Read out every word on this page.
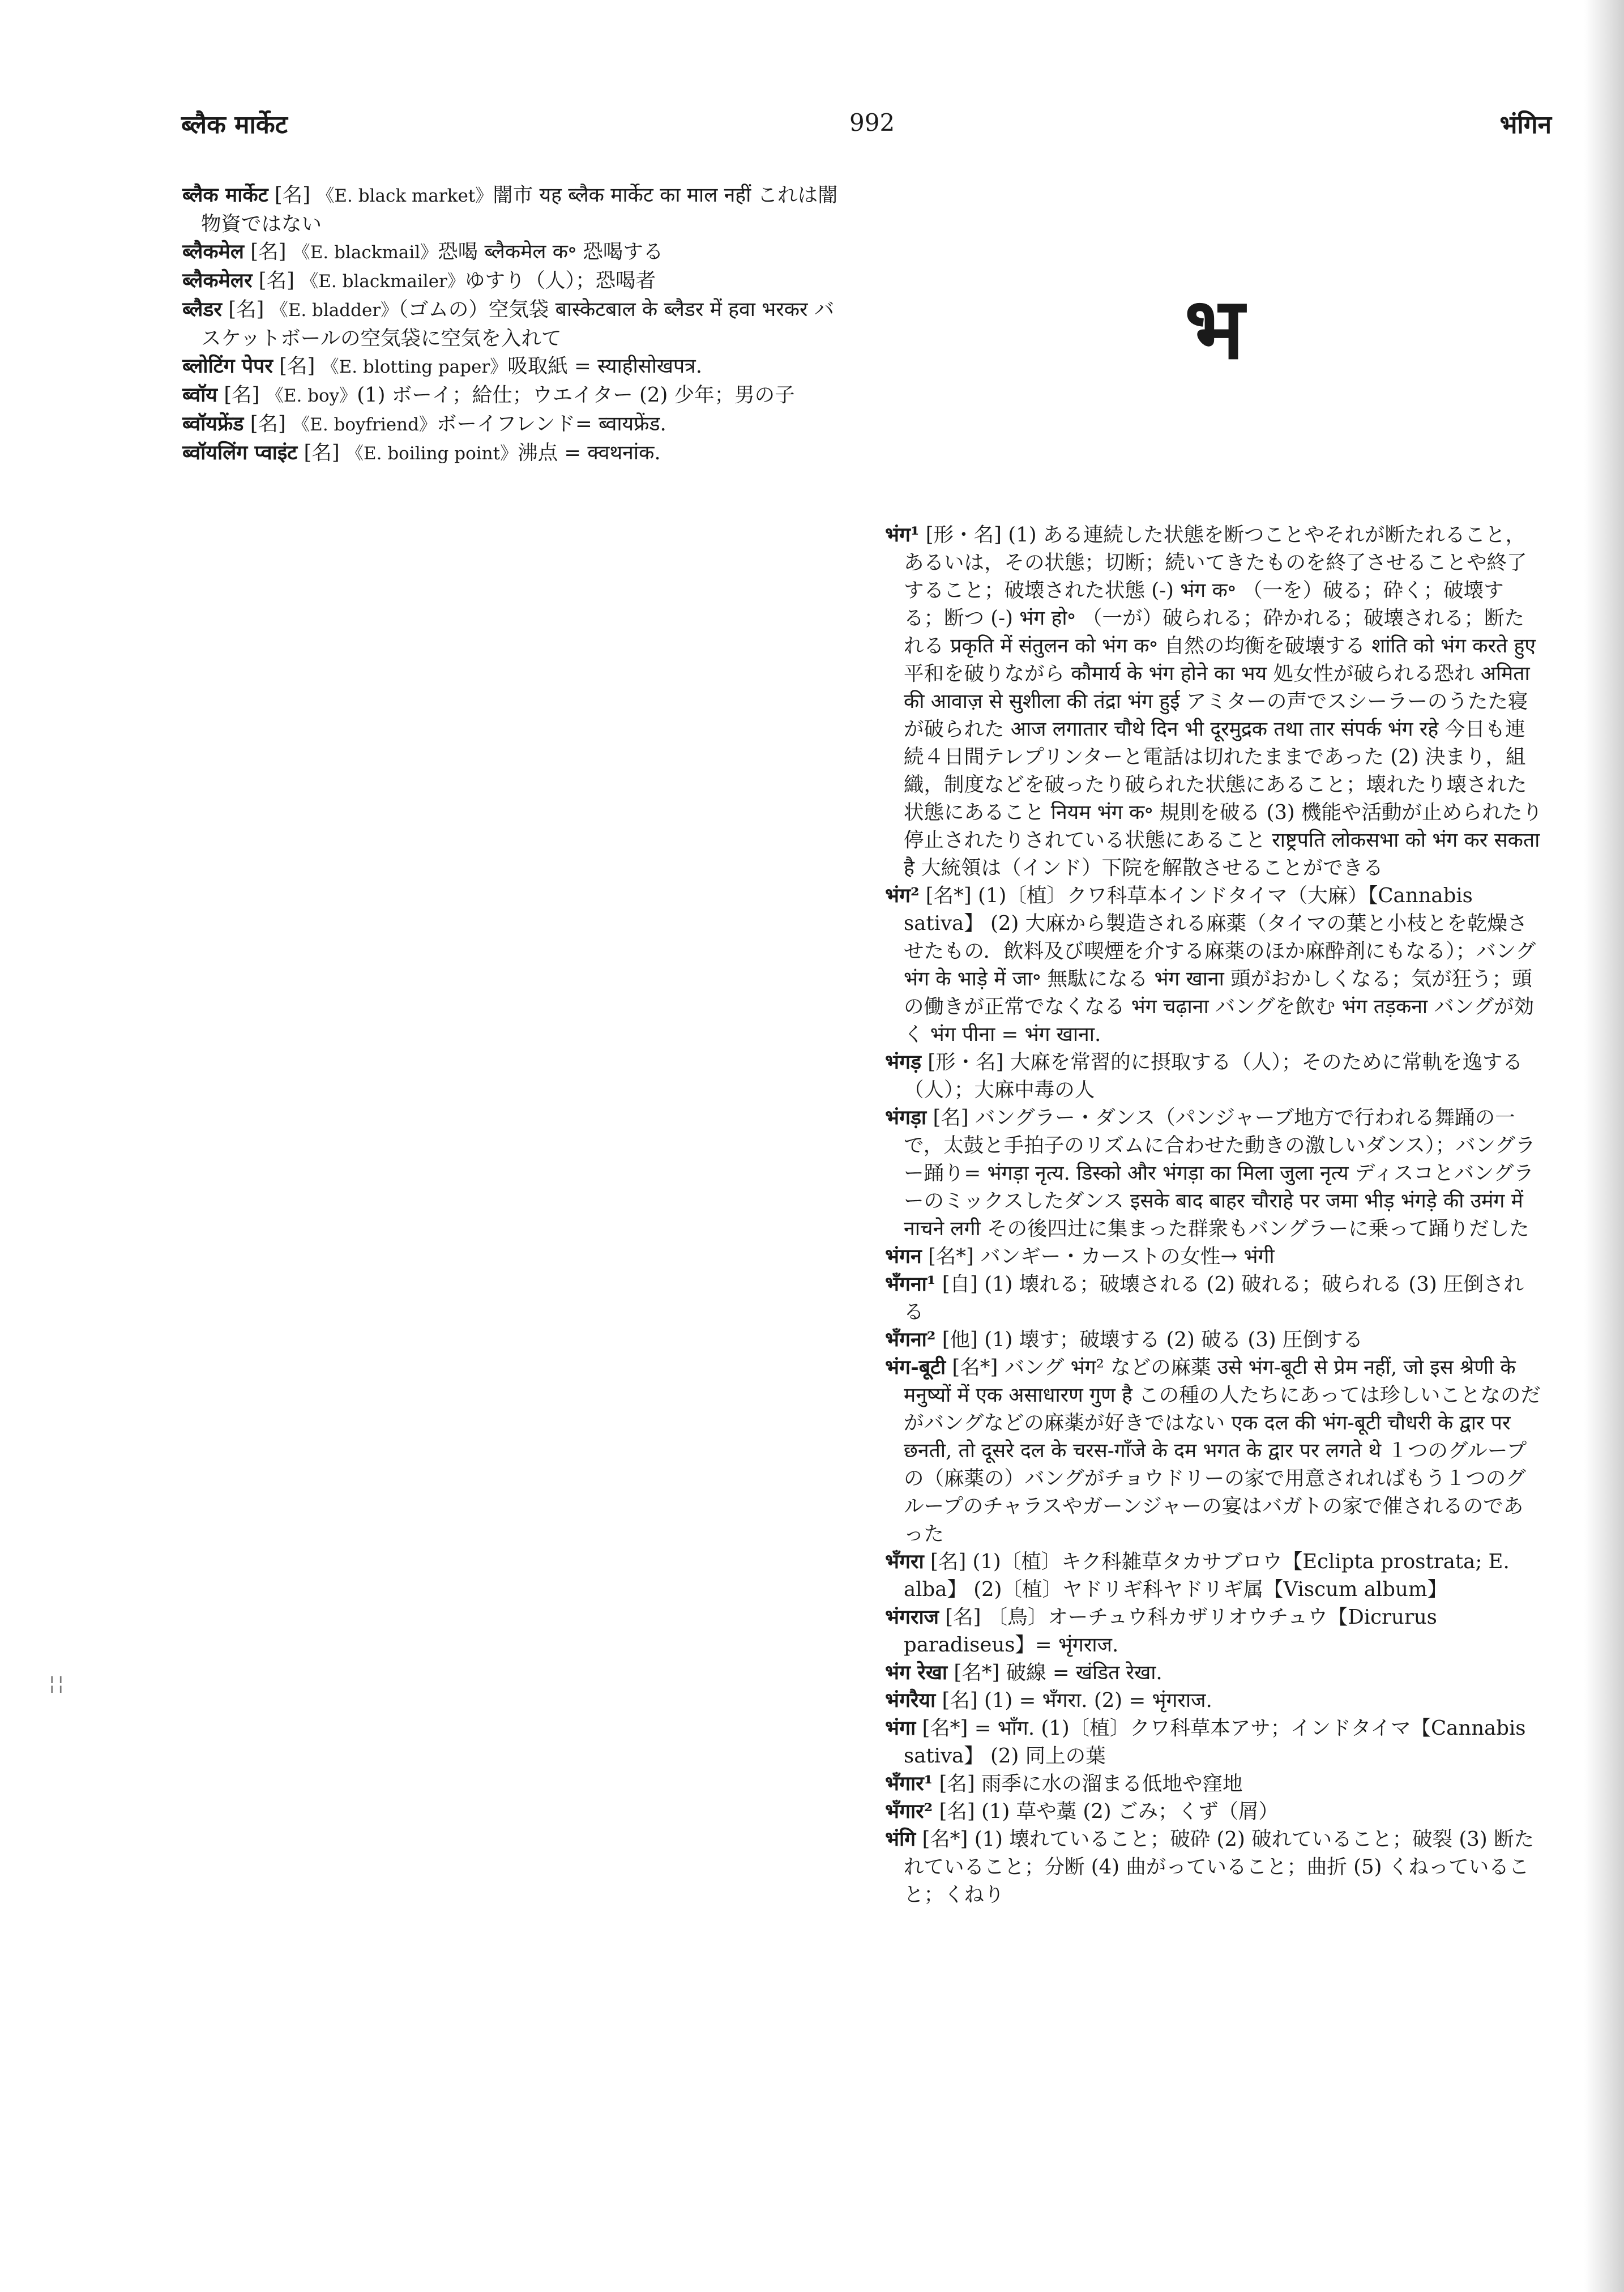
ब्लैक मार्केट	992	भंगिन

ब्लैक मार्केट [名] 《E. black market》闇市 यह ब्लैक मार्केट का माल नहीं これは闇物資ではない

ब्लैकमेल [名] 《E. blackmail》恐喝 ब्लैकमेल क॰ 恐喝する

ब्लैकमेलर [名] 《E. blackmailer》ゆすり（人）；恐喝者

ब्लैडर [名] 《E. bladder》（ゴムの）空気袋 बास्केटबाल के ब्लैडर में हवा भरकर バスケットボールの空気袋に空気を入れて

ब्लोटिंग पेपर [名] 《E. blotting paper》吸取紙 = स्याहीसोखपत्र.

ब्वॉय [名] 《E. boy》(1) ボーイ；給仕；ウエイター (2) 少年；男の子

ब्वॉयफ्रेंड [名] 《E. boyfriend》ボーイフレンド= ब्वायफ्रेंड.

ब्वॉयलिंग प्वाइंट [名] 《E. boiling point》沸点 = क्वथनांक.

भ

भंग¹ [形・名] (1) ある連続した状態を断つことやそれが断たれること，あるいは，その状態；切断；続いてきたものを終了させることや終了すること；破壊された状態 (-) भंग क॰ （一を）破る；砕く；破壊する；断つ (-) भंग हो॰ （一が）破られる；砕かれる；破壊される；断たれる प्रकृति में संतुलन को भंग क॰ 自然の均衡を破壊する शांति को भंग करते हुए 平和を破りながら कौमार्य के भंग होने का भय 処女性が破られる恐れ अमिता की आवाज़ से सुशीला की तंद्रा भंग हुई アミターの声でスシーラーのうたた寝が破られた आज लगातार चौथे दिन भी दूरमुद्रक तथा तार संपर्क भंग रहे 今日も連続４日間テレプリンターと電話は切れたままであった (2) 決まり，組織，制度などを破ったり破られた状態にあること；壊れたり壊された状態にあること नियम भंग क॰ 規則を破る (3) 機能や活動が止められたり停止されたりされている状態にあること राष्ट्रपति लोकसभा को भंग कर सकता है 大統領は（インド）下院を解散させることができる

भंग² [名*] (1)〔植〕クワ科草本インドタイマ（大麻）【Cannabis sativa】 (2) 大麻から製造される麻薬（タイマの葉と小枝とを乾燥させたもの．飲料及び喫煙を介する麻薬のほか麻酔剤にもなる）；バング भंग के भाड़े में जा॰ 無駄になる भंग खाना 頭がおかしくなる；気が狂う；頭の働きが正常でなくなる भंग चढ़ाना バングを飲む भंग तड़कना バングが効く भंग पीना = भंग खाना.

भंगड़ [形・名] 大麻を常習的に摂取する（人）；そのために常軌を逸する（人）；大麻中毒の人

भंगड़ा [名] バングラー・ダンス（パンジャーブ地方で行われる舞踊の一で，太鼓と手拍子のリズムに合わせた動きの激しいダンス）；バングラー踊り= भंगड़ा नृत्य. डिस्को और भंगड़ा का मिला जुला नृत्य ディスコとバングラーのミックスしたダンス इसके बाद बाहर चौराहे पर जमा भीड़ भंगड़े की उमंग में नाचने लगी その後四辻に集まった群衆もバングラーに乗って踊りだした

भंगन [名*] バンギー・カーストの女性→ भंगी

भँगना¹ [自] (1) 壊れる；破壊される (2) 破れる；破られる (3) 圧倒される

भँगना² [他] (1) 壊す；破壊する (2) 破る (3) 圧倒する

भंग-बूटी [名*] バング भंग² などの麻薬 उसे भंग-बूटी से प्रेम नहीं, जो इस श्रेणी के मनुष्यों में एक असाधारण गुण है この種の人たちにあっては珍しいことなのだがバングなどの麻薬が好きではない एक दल की भंग-बूटी चौधरी के द्वार पर छनती, तो दूसरे दल के चरस-गाँजे के दम भगत के द्वार पर लगते थे １つのグループの（麻薬の）バングがチョウドリーの家で用意されればもう１つのグループのチャラスやガーンジャーの宴はバガトの家で催されるのであった

भँगरा [名] (1)〔植〕キク科雑草タカサブロウ【Eclipta prostrata; E. alba】 (2)〔植〕ヤドリギ科ヤドリギ属【Viscum album】

भंगराज [名] 〔鳥〕オーチュウ科カザリオウチュウ【Dicrurus paradiseus】= भृंगराज.

भंग रेखा [名*] 破線 = खंडित रेखा.

भंगरैया [名] (1) = भँगरा. (2) = भृंगराज.

भंगा [名*] = भाँग. (1)〔植〕クワ科草本アサ；インドタイマ【Cannabis sativa】 (2) 同上の葉

भँगार¹ [名] 雨季に水の溜まる低地や窪地

भँगार² [名] (1) 草や藁 (2) ごみ；くず（屑）

भंगि [名*] (1) 壊れていること；破砕 (2) 破れていること；破裂 (3) 断たれていること；分断 (4) 曲がっていること；曲折 (5) くねっていること；くねり

¦¦
